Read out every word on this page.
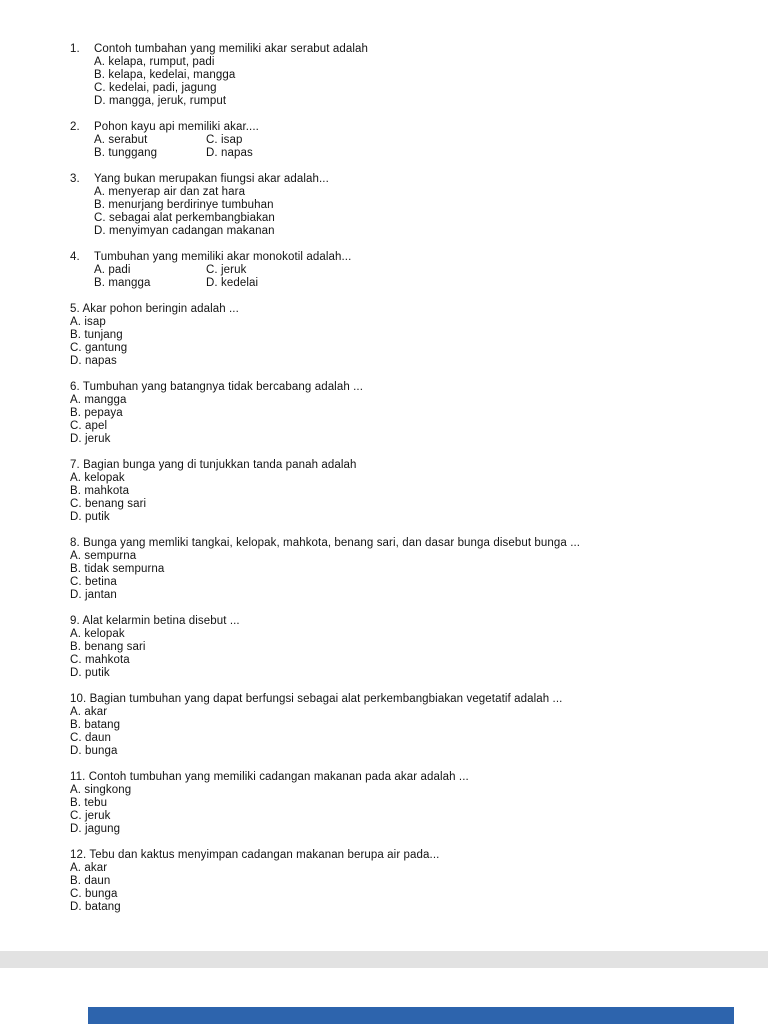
1.	Contoh tumbahan yang memiliki akar serabut adalah
A. kelapa, rumput, padi
B. kelapa, kedelai, mangga
C. kedelai, padi, jagung
D. mangga, jeruk, rumput
2.	Pohon kayu api memiliki akar....
A. serabut	C. isap
B. tunggang	D. napas
3.	Yang bukan merupakan fiungsi akar adalah...
A. menyerap air dan zat hara
B. menurjang berdirinye tumbuhan
C. sebagai alat perkembangbiakan
D. menyimyan cadangan makanan
4.	Tumbuhan yang memiliki akar monokotil adalah...
A. padi	C. jeruk
B. mangga	D. kedelai
5. Akar pohon beringin adalah ...
A. isap
B. tunjang
C. gantung
D. napas
6. Tumbuhan yang batangnya tidak bercabang adalah ...
A. mangga
B. pepaya
C. apel
D. jeruk
7. Bagian bunga yang di tunjukkan tanda panah adalah
A. kelopak
B. mahkota
C. benang sari
D. putik
8. Bunga yang memliki tangkai, kelopak, mahkota, benang sari, dan dasar bunga disebut bunga ...
A. sempurna
B. tidak sempurna
C. betina
D. jantan
9. Alat kelarmin betina disebut ...
A. kelopak
B. benang sari
C. mahkota
D. putik
10. Bagian tumbuhan yang dapat berfungsi sebagai alat perkembangbiakan vegetatif adalah ...
A. akar
B. batang
C. daun
D. bunga
11. Contoh tumbuhan yang memiliki cadangan makanan pada akar adalah ...
A. singkong
B. tebu
C. jeruk
D. jagung
12. Tebu dan kaktus menyimpan cadangan makanan berupa air pada...
A. akar
B. daun
C. bunga
D. batang
